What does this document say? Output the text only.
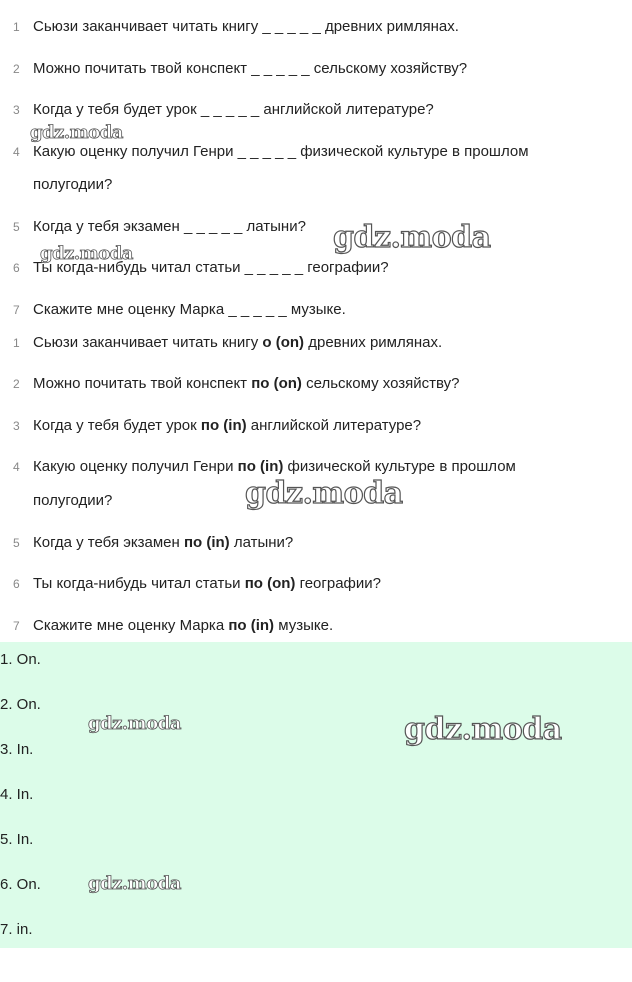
1 Сьюзи заканчивает читать книгу _ _ _ _ _ древних римлянах.
2 Можно почитать твой конспект _ _ _ _ _ сельскому хозяйству?
3 Когда у тебя будет урок _ _ _ _ _ английской литературе?
4 Какую оценку получил Генри _ _ _ _ _ физической культуре в прошлом
полугодии?
5 Когда у тебя экзамен _ _ _ _ _ латыни?
6 Ты когда-нибудь читал статьи _ _ _ _ _ географии?
7 Скажите мне оценку Марка _ _ _ _ _ музыке.
1 Сьюзи заканчивает читать книгу о (on) древних римлянах.
2 Можно почитать твой конспект по (on) сельскому хозяйству?
3 Когда у тебя будет урок по (in) английской литературе?
4 Какую оценку получил Генри по (in) физической культуре в прошлом
полугодии?
5 Когда у тебя экзамен по (in) латыни?
6 Ты когда-нибудь читал статьи по (on) географии?
7 Скажите мне оценку Марка по (in) музыке.
1. On.
2. On.
3. In.
4. In.
5. In.
6. On.
7. in.
gdz.moda
gdz.moda
gdz.moda
gdz.moda
gdz.moda	gdz.moda
gdz.moda
